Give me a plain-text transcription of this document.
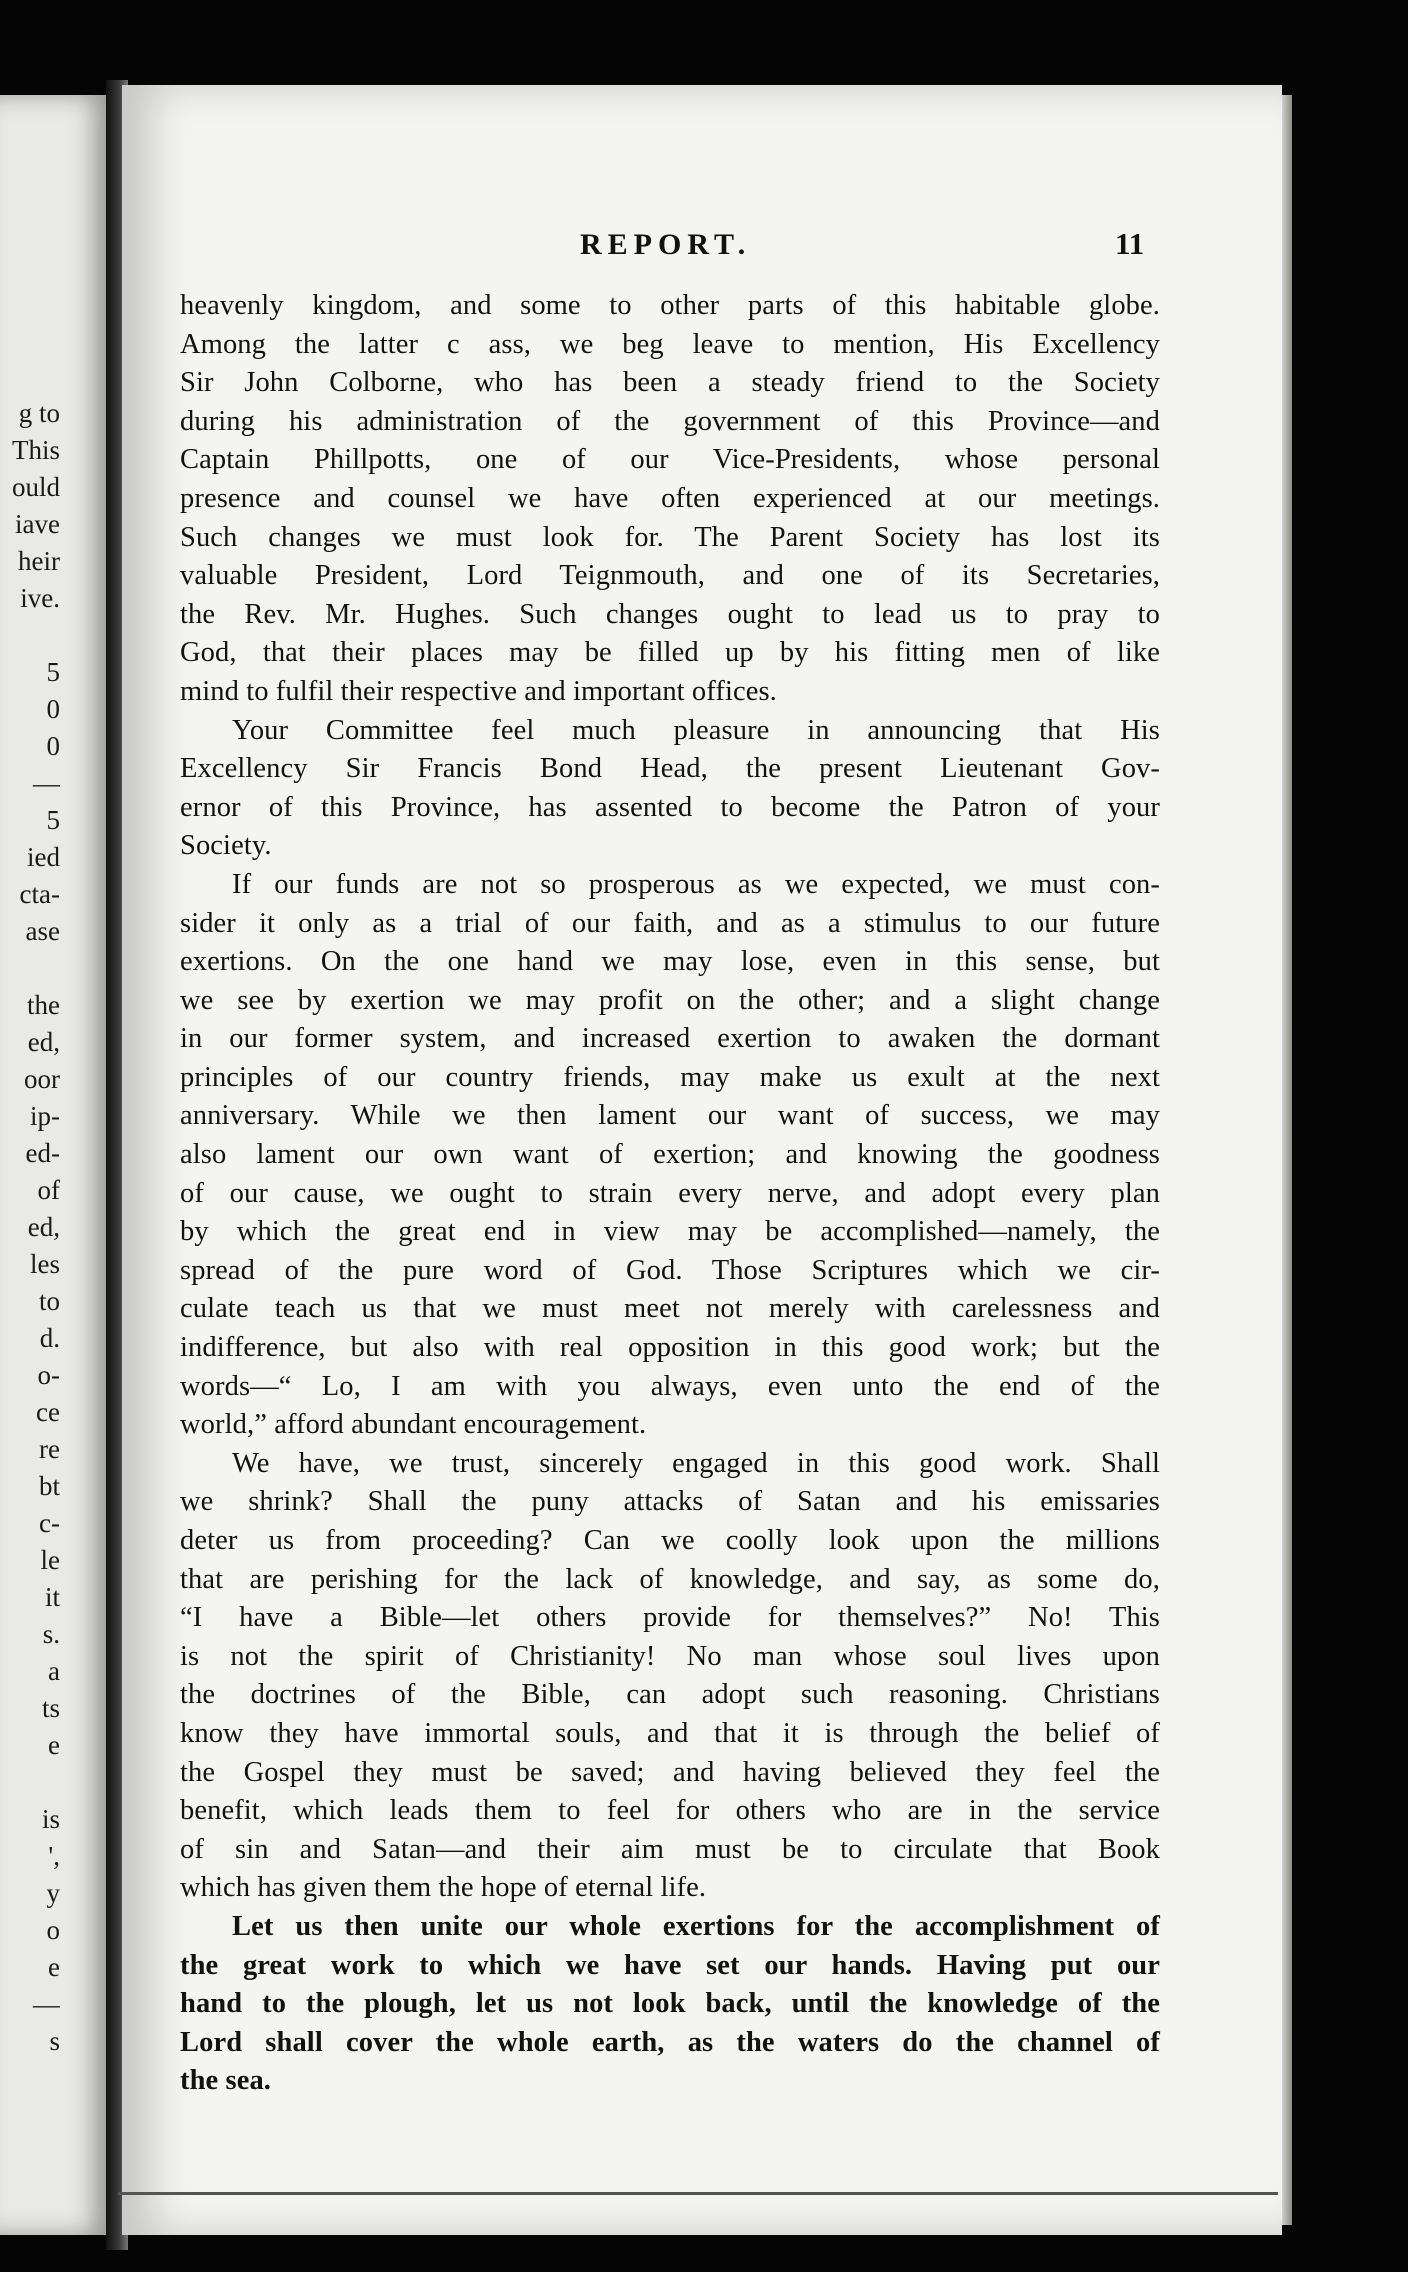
g to
This
ould
iave
heir
ive.
5
0
0
—
5
ied
cta-
ase
the
ed,
oor
ip-
ed-
of
ed,
les
to
d.
o-
ce
re
bt
c-
le
it
s.
a
ts
e
is
',
y
o
e
—
s
REPORT.	11
heavenly kingdom, and some to other parts of this habitable globe.
Among the latter c ass, we beg leave to mention, His Excellency
Sir John Colborne, who has been a steady friend to the Society
during his administration of the government of this Province—and
Captain Phillpotts, one of our Vice-Presidents, whose personal
presence and counsel we have often experienced at our meetings.
Such changes we must look for. The Parent Society has lost its
valuable President, Lord Teignmouth, and one of its Secretaries,
the Rev. Mr. Hughes. Such changes ought to lead us to pray to
God, that their places may be filled up by his fitting men of like
mind to fulfil their respective and important offices.
Your Committee feel much pleasure in announcing that His
Excellency Sir Francis Bond Head, the present Lieutenant Gov-
ernor of this Province, has assented to become the Patron of your
Society.
If our funds are not so prosperous as we expected, we must con-
sider it only as a trial of our faith, and as a stimulus to our future
exertions. On the one hand we may lose, even in this sense, but
we see by exertion we may profit on the other; and a slight change
in our former system, and increased exertion to awaken the dormant
principles of our country friends, may make us exult at the next
anniversary. While we then lament our want of success, we may
also lament our own want of exertion; and knowing the goodness
of our cause, we ought to strain every nerve, and adopt every plan
by which the great end in view may be accomplished—namely, the
spread of the pure word of God. Those Scriptures which we cir-
culate teach us that we must meet not merely with carelessness and
indifference, but also with real opposition in this good work; but the
words—“ Lo, I am with you always, even unto the end of the
world,” afford abundant encouragement.
We have, we trust, sincerely engaged in this good work. Shall
we shrink? Shall the puny attacks of Satan and his emissaries
deter us from proceeding? Can we coolly look upon the millions
that are perishing for the lack of knowledge, and say, as some do,
“I have a Bible—let others provide for themselves?” No! This
is not the spirit of Christianity! No man whose soul lives upon
the doctrines of the Bible, can adopt such reasoning. Christians
know they have immortal souls, and that it is through the belief of
the Gospel they must be saved; and having believed they feel the
benefit, which leads them to feel for others who are in the service
of sin and Satan—and their aim must be to circulate that Book
which has given them the hope of eternal life.
Let us then unite our whole exertions for the accomplishment of
the great work to which we have set our hands. Having put our
hand to the plough, let us not look back, until the knowledge of the
Lord shall cover the whole earth, as the waters do the channel of
the sea.
